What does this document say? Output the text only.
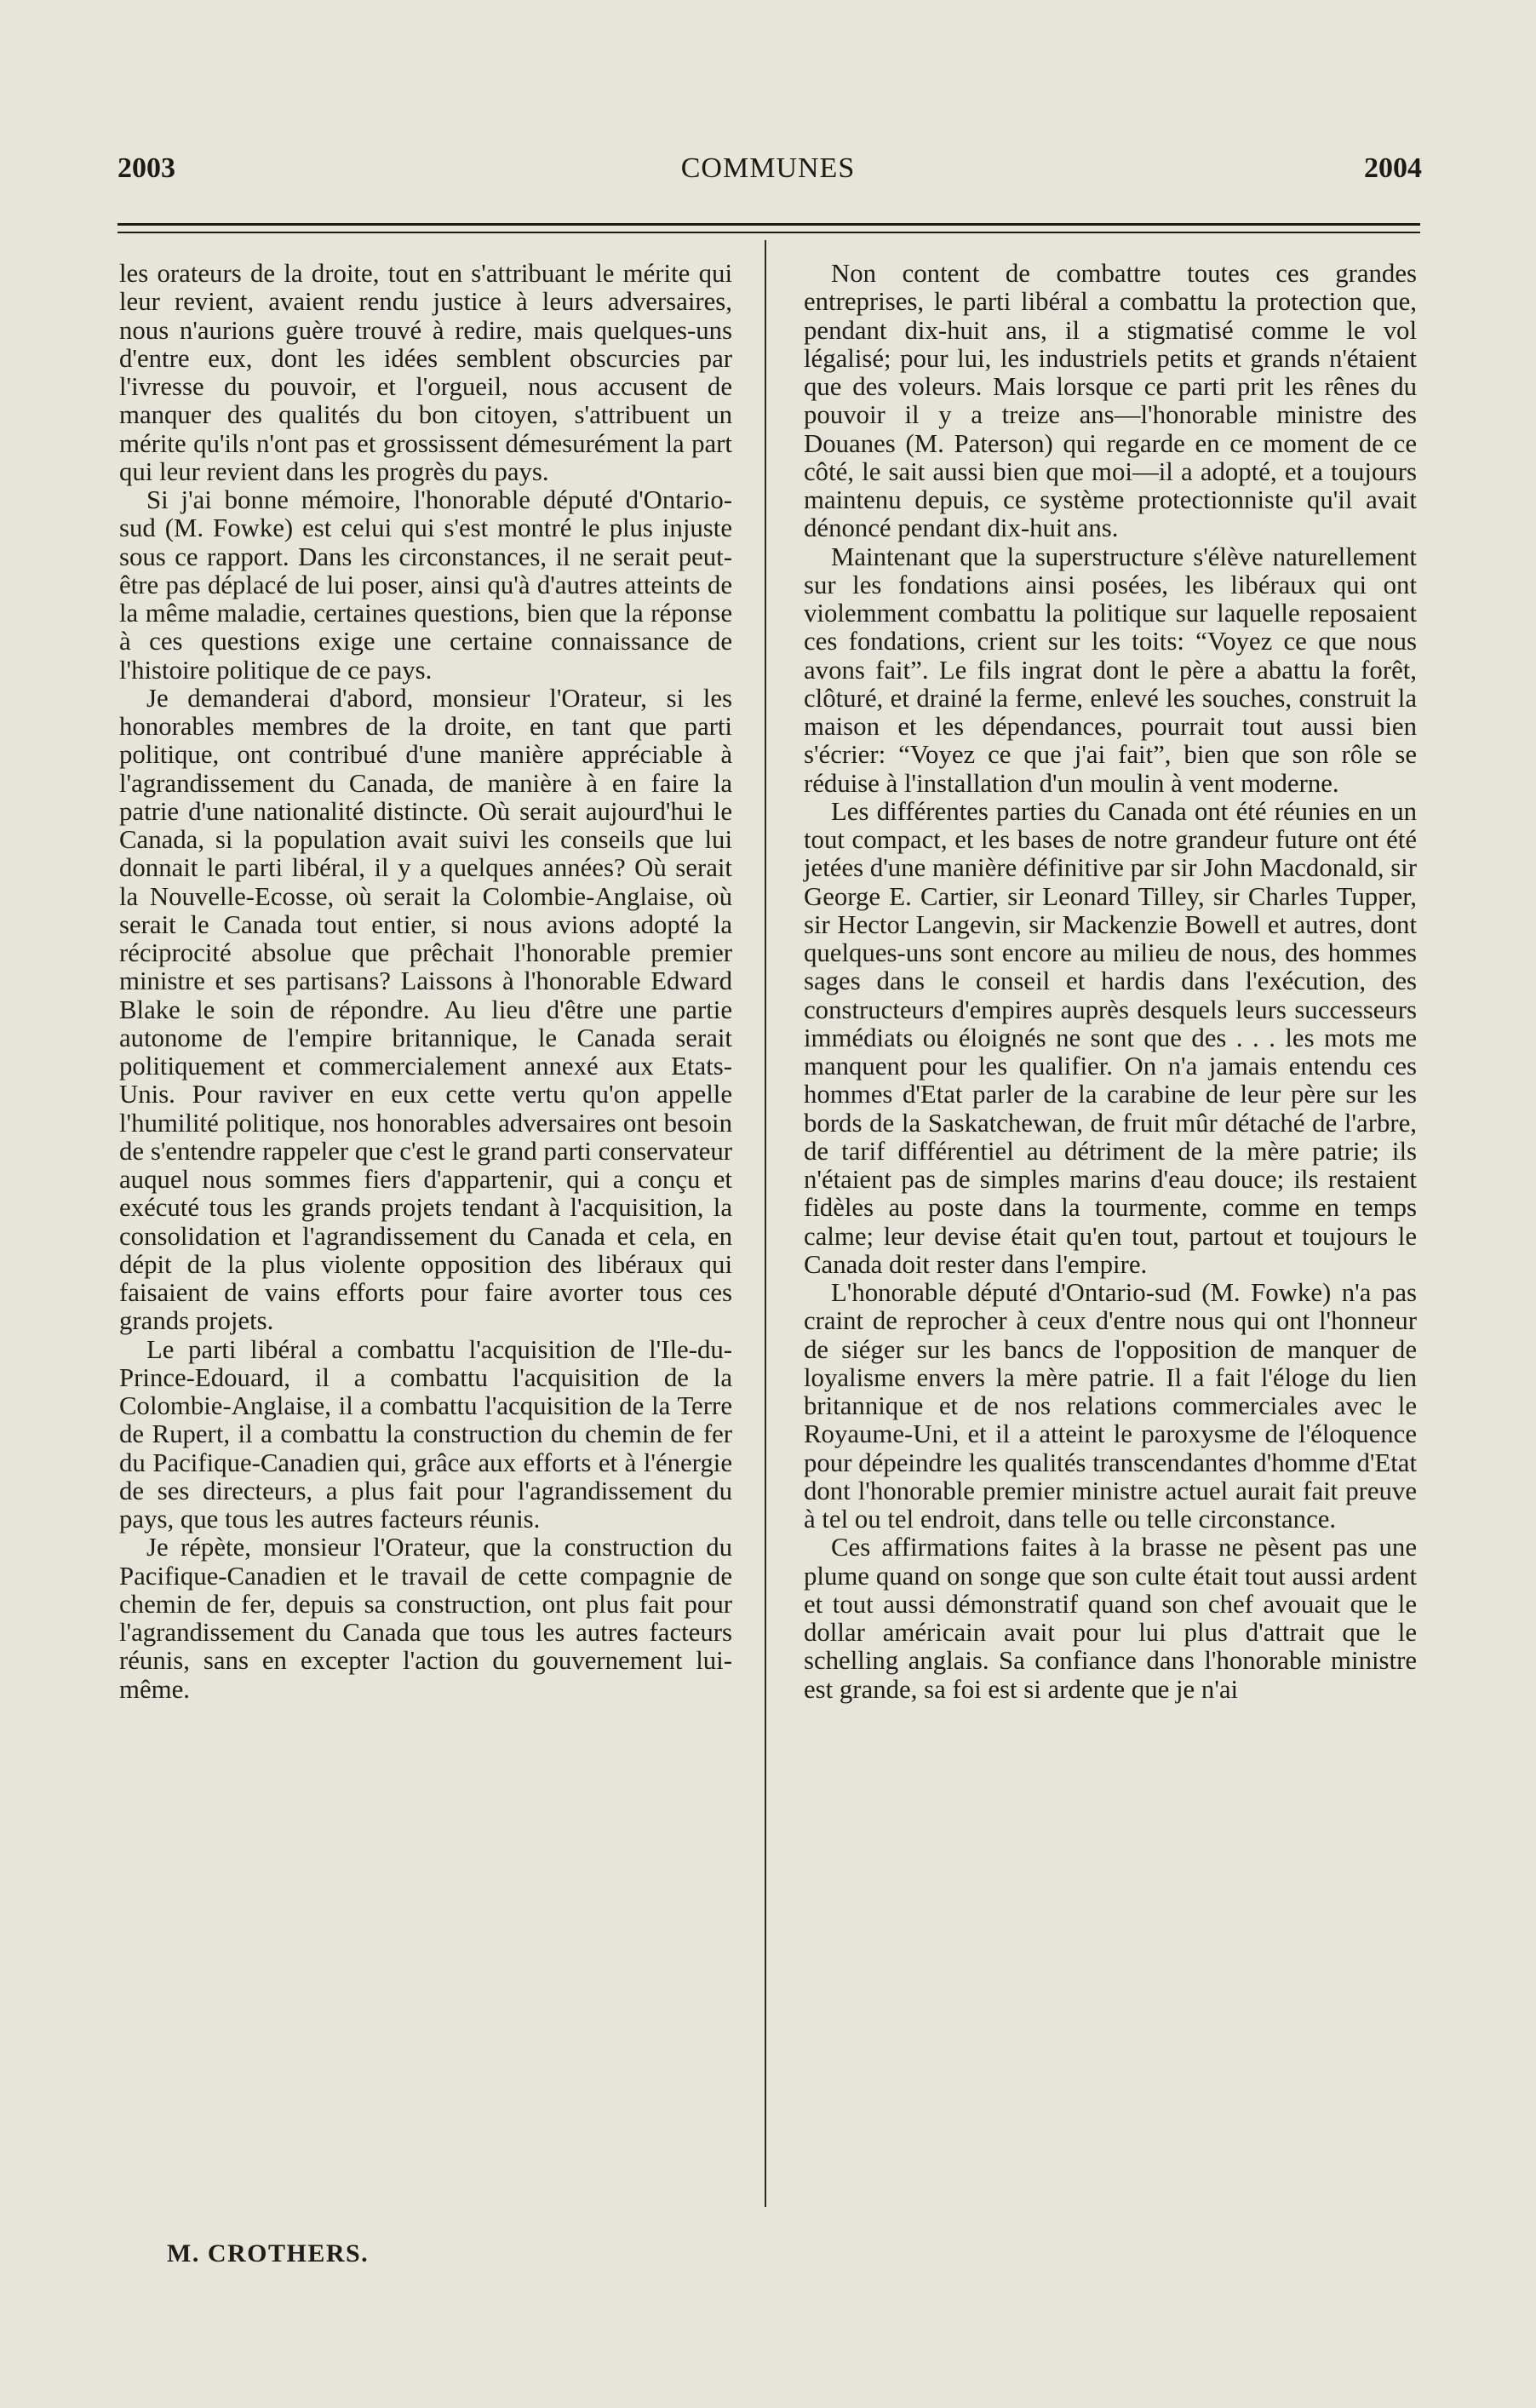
2003	COMMUNES	2004

les orateurs de la droite, tout en s'attribuant le mérite qui leur revient, avaient rendu justice à leurs adversaires, nous n'aurions guère trouvé à redire, mais quelques-uns d'entre eux, dont les idées semblent obscurcies par l'ivresse du pouvoir, et l'orgueil, nous accusent de manquer des qualités du bon citoyen, s'attribuent un mérite qu'ils n'ont pas et grossissent démesurément la part qui leur revient dans les progrès du pays.

Si j'ai bonne mémoire, l'honorable député d'Ontario-sud (M. Fowke) est celui qui s'est montré le plus injuste sous ce rapport. Dans les circonstances, il ne serait peut-être pas déplacé de lui poser, ainsi qu'à d'autres atteints de la même maladie, certaines questions, bien que la réponse à ces questions exige une certaine connaissance de l'histoire politique de ce pays.

Je demanderai d'abord, monsieur l'Orateur, si les honorables membres de la droite, en tant que parti politique, ont contribué d'une manière appréciable à l'agrandissement du Canada, de manière à en faire la patrie d'une nationalité distincte. Où serait aujourd'hui le Canada, si la population avait suivi les conseils que lui donnait le parti libéral, il y a quelques années? Où serait la Nouvelle-Ecosse, où serait la Colombie-Anglaise, où serait le Canada tout entier, si nous avions adopté la réciprocité absolue que prêchait l'honorable premier ministre et ses partisans? Laissons à l'honorable Edward Blake le soin de répondre. Au lieu d'être une partie autonome de l'empire britannique, le Canada serait politiquement et commercialement annexé aux Etats-Unis. Pour raviver en eux cette vertu qu'on appelle l'humilité politique, nos honorables adversaires ont besoin de s'entendre rappeler que c'est le grand parti conservateur auquel nous sommes fiers d'appartenir, qui a conçu et exécuté tous les grands projets tendant à l'acquisition, la consolidation et l'agrandissement du Canada et cela, en dépit de la plus violente opposition des libéraux qui faisaient de vains efforts pour faire avorter tous ces grands projets.

Le parti libéral a combattu l'acquisition de l'Ile-du-Prince-Edouard, il a combattu l'acquisition de la Colombie-Anglaise, il a combattu l'acquisition de la Terre de Rupert, il a combattu la construction du chemin de fer du Pacifique-Canadien qui, grâce aux efforts et à l'énergie de ses directeurs, a plus fait pour l'agrandissement du pays, que tous les autres facteurs réunis.

Je répète, monsieur l'Orateur, que la construction du Pacifique-Canadien et le travail de cette compagnie de chemin de fer, depuis sa construction, ont plus fait pour l'agrandissement du Canada que tous les autres facteurs réunis, sans en excepter l'action du gouvernement lui-même.

Non content de combattre toutes ces grandes entreprises, le parti libéral a combattu la protection que, pendant dix-huit ans, il a stigmatisé comme le vol légalisé; pour lui, les industriels petits et grands n'étaient que des voleurs. Mais lorsque ce parti prit les rênes du pouvoir il y a treize ans—l'honorable ministre des Douanes (M. Paterson) qui regarde en ce moment de ce côté, le sait aussi bien que moi—il a adopté, et a toujours maintenu depuis, ce système protectionniste qu'il avait dénoncé pendant dix-huit ans.

Maintenant que la superstructure s'élève naturellement sur les fondations ainsi posées, les libéraux qui ont violemment combattu la politique sur laquelle reposaient ces fondations, crient sur les toits: “Voyez ce que nous avons fait”. Le fils ingrat dont le père a abattu la forêt, clôturé, et drainé la ferme, enlevé les souches, construit la maison et les dépendances, pourrait tout aussi bien s'écrier: “Voyez ce que j'ai fait”, bien que son rôle se réduise à l'installation d'un moulin à vent moderne.

Les différentes parties du Canada ont été réunies en un tout compact, et les bases de notre grandeur future ont été jetées d'une manière définitive par sir John Macdonald, sir George E. Cartier, sir Leonard Tilley, sir Charles Tupper, sir Hector Langevin, sir Mackenzie Bowell et autres, dont quelques-uns sont encore au milieu de nous, des hommes sages dans le conseil et hardis dans l'exécution, des constructeurs d'empires auprès desquels leurs successeurs immédiats ou éloignés ne sont que des . . . les mots me manquent pour les qualifier. On n'a jamais entendu ces hommes d'Etat parler de la carabine de leur père sur les bords de la Saskatchewan, de fruit mûr détaché de l'arbre, de tarif différentiel au détriment de la mère patrie; ils n'étaient pas de simples marins d'eau douce; ils restaient fidèles au poste dans la tourmente, comme en temps calme; leur devise était qu'en tout, partout et toujours le Canada doit rester dans l'empire.

L'honorable député d'Ontario-sud (M. Fowke) n'a pas craint de reprocher à ceux d'entre nous qui ont l'honneur de siéger sur les bancs de l'opposition de manquer de loyalisme envers la mère patrie. Il a fait l'éloge du lien britannique et de nos relations commerciales avec le Royaume-Uni, et il a atteint le paroxysme de l'éloquence pour dépeindre les qualités transcendantes d'homme d'Etat dont l'honorable premier ministre actuel aurait fait preuve à tel ou tel endroit, dans telle ou telle circonstance.

Ces affirmations faites à la brasse ne pèsent pas une plume quand on songe que son culte était tout aussi ardent et tout aussi démonstratif quand son chef avouait que le dollar américain avait pour lui plus d'attrait que le schelling anglais. Sa confiance dans l'honorable ministre est grande, sa foi est si ardente que je n'ai

M. CROTHERS.
